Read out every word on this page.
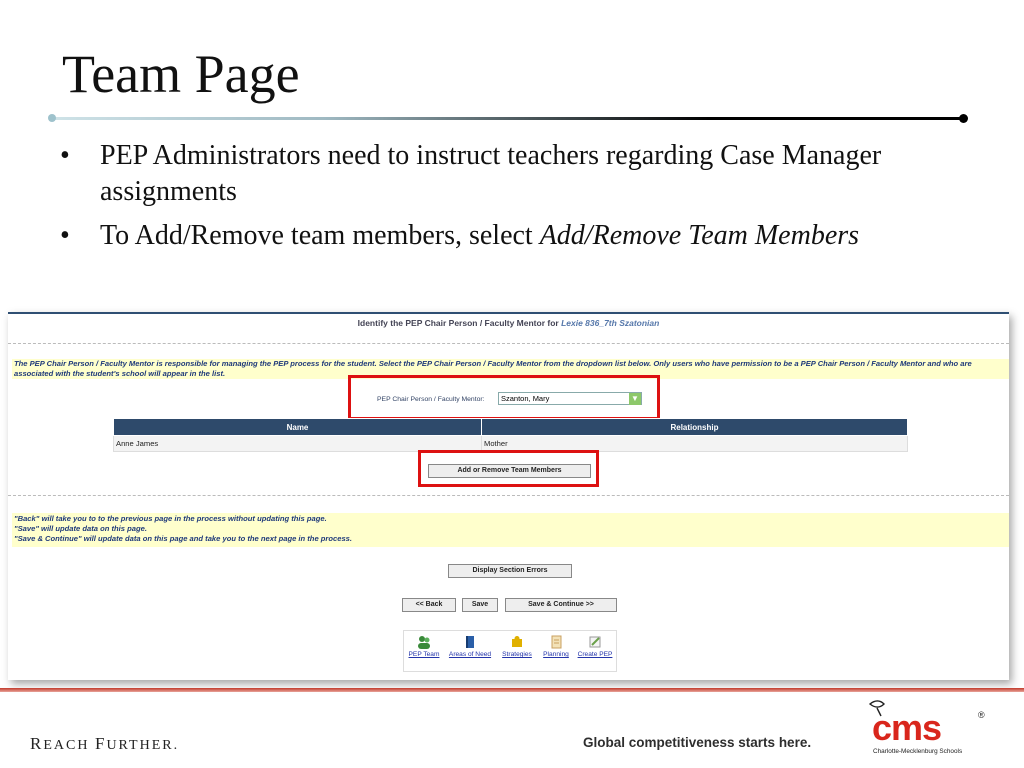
Team Page
• PEP Administrators need to instruct teachers regarding Case Manager assignments
• To Add/Remove team members, select Add/Remove Team Members
Identify the PEP Chair Person / Faculty Mentor for Lexie 836_7th Szatonian
The PEP Chair Person / Faculty Mentor is responsible for managing the PEP process for the student. Select the PEP Chair Person / Faculty Mentor from the dropdown list below. Only users who have permission to be a PEP Chair Person / Faculty Mentor and who are associated with the student's school will appear in the list.
PEP Chair Person / Faculty Mentor:	Szanton, Mary	▼
Name	Relationship
Anne James	Mother
Add or Remove Team Members
"Back" will take you to to the previous page in the process without updating this page.
"Save" will update data on this page.
"Save & Continue" will update data on this page and take you to the next page in the process.
Display Section Errors
<< Back	Save	Save & Continue >>
PEP Team	Areas of Need	Strategies	Planning	Create PEP
REACH FURTHER.	Global competitiveness starts here. cms	®
Charlotte-Mecklenburg Schools
